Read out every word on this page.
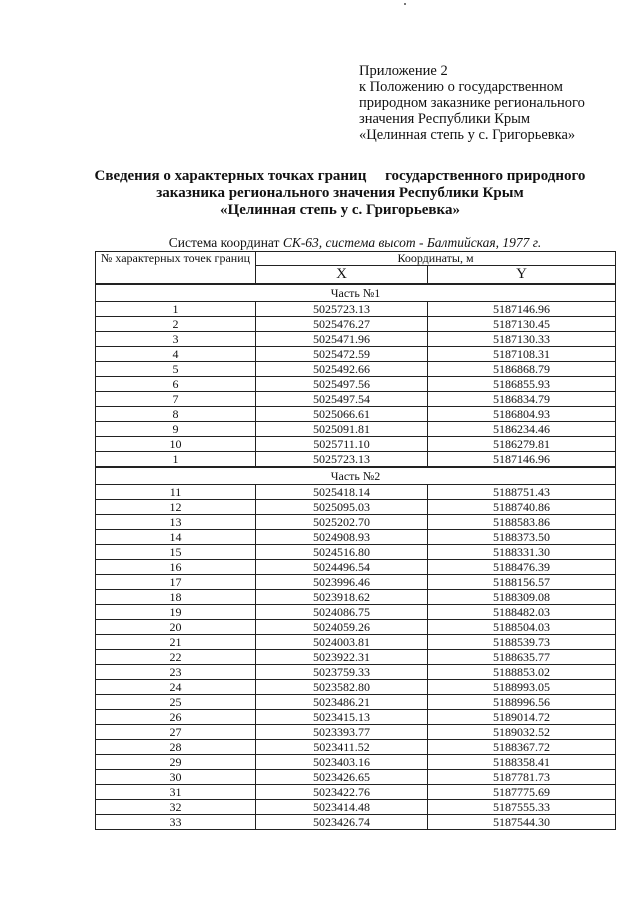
Приложение 2
к Положению о государственном
природном заказнике регионального
значения Республики Крым
«Целинная степь у с. Григорьевка»
Сведения о характерных точках границ     государственного природного
заказника регионального значения Республики Крым
«Целинная степь у с. Григорьевка»
Система координат СК-63, система высот - Балтийская, 1977 г.
№ характерных точек границ	Координаты, м	
	X	Y
Часть №1		
1	5025723.13	5187146.96
2	5025476.27	5187130.45
3	5025471.96	5187130.33
4	5025472.59	5187108.31
5	5025492.66	5186868.79
6	5025497.56	5186855.93
7	5025497.54	5186834.79
8	5025066.61	5186804.93
9	5025091.81	5186234.46
10	5025711.10	5186279.81
1	5025723.13	5187146.96
Часть №2		
11	5025418.14	5188751.43
12	5025095.03	5188740.86
13	5025202.70	5188583.86
14	5024908.93	5188373.50
15	5024516.80	5188331.30
16	5024496.54	5188476.39
17	5023996.46	5188156.57
18	5023918.62	5188309.08
19	5024086.75	5188482.03
20	5024059.26	5188504.03
21	5024003.81	5188539.73
22	5023922.31	5188635.77
23	5023759.33	5188853.02
24	5023582.80	5188993.05
25	5023486.21	5188996.56
26	5023415.13	5189014.72
27	5023393.77	5189032.52
28	5023411.52	5188367.72
29	5023403.16	5188358.41
30	5023426.65	5187781.73
31	5023422.76	5187775.69
32	5023414.48	5187555.33
33	5023426.74	5187544.30
